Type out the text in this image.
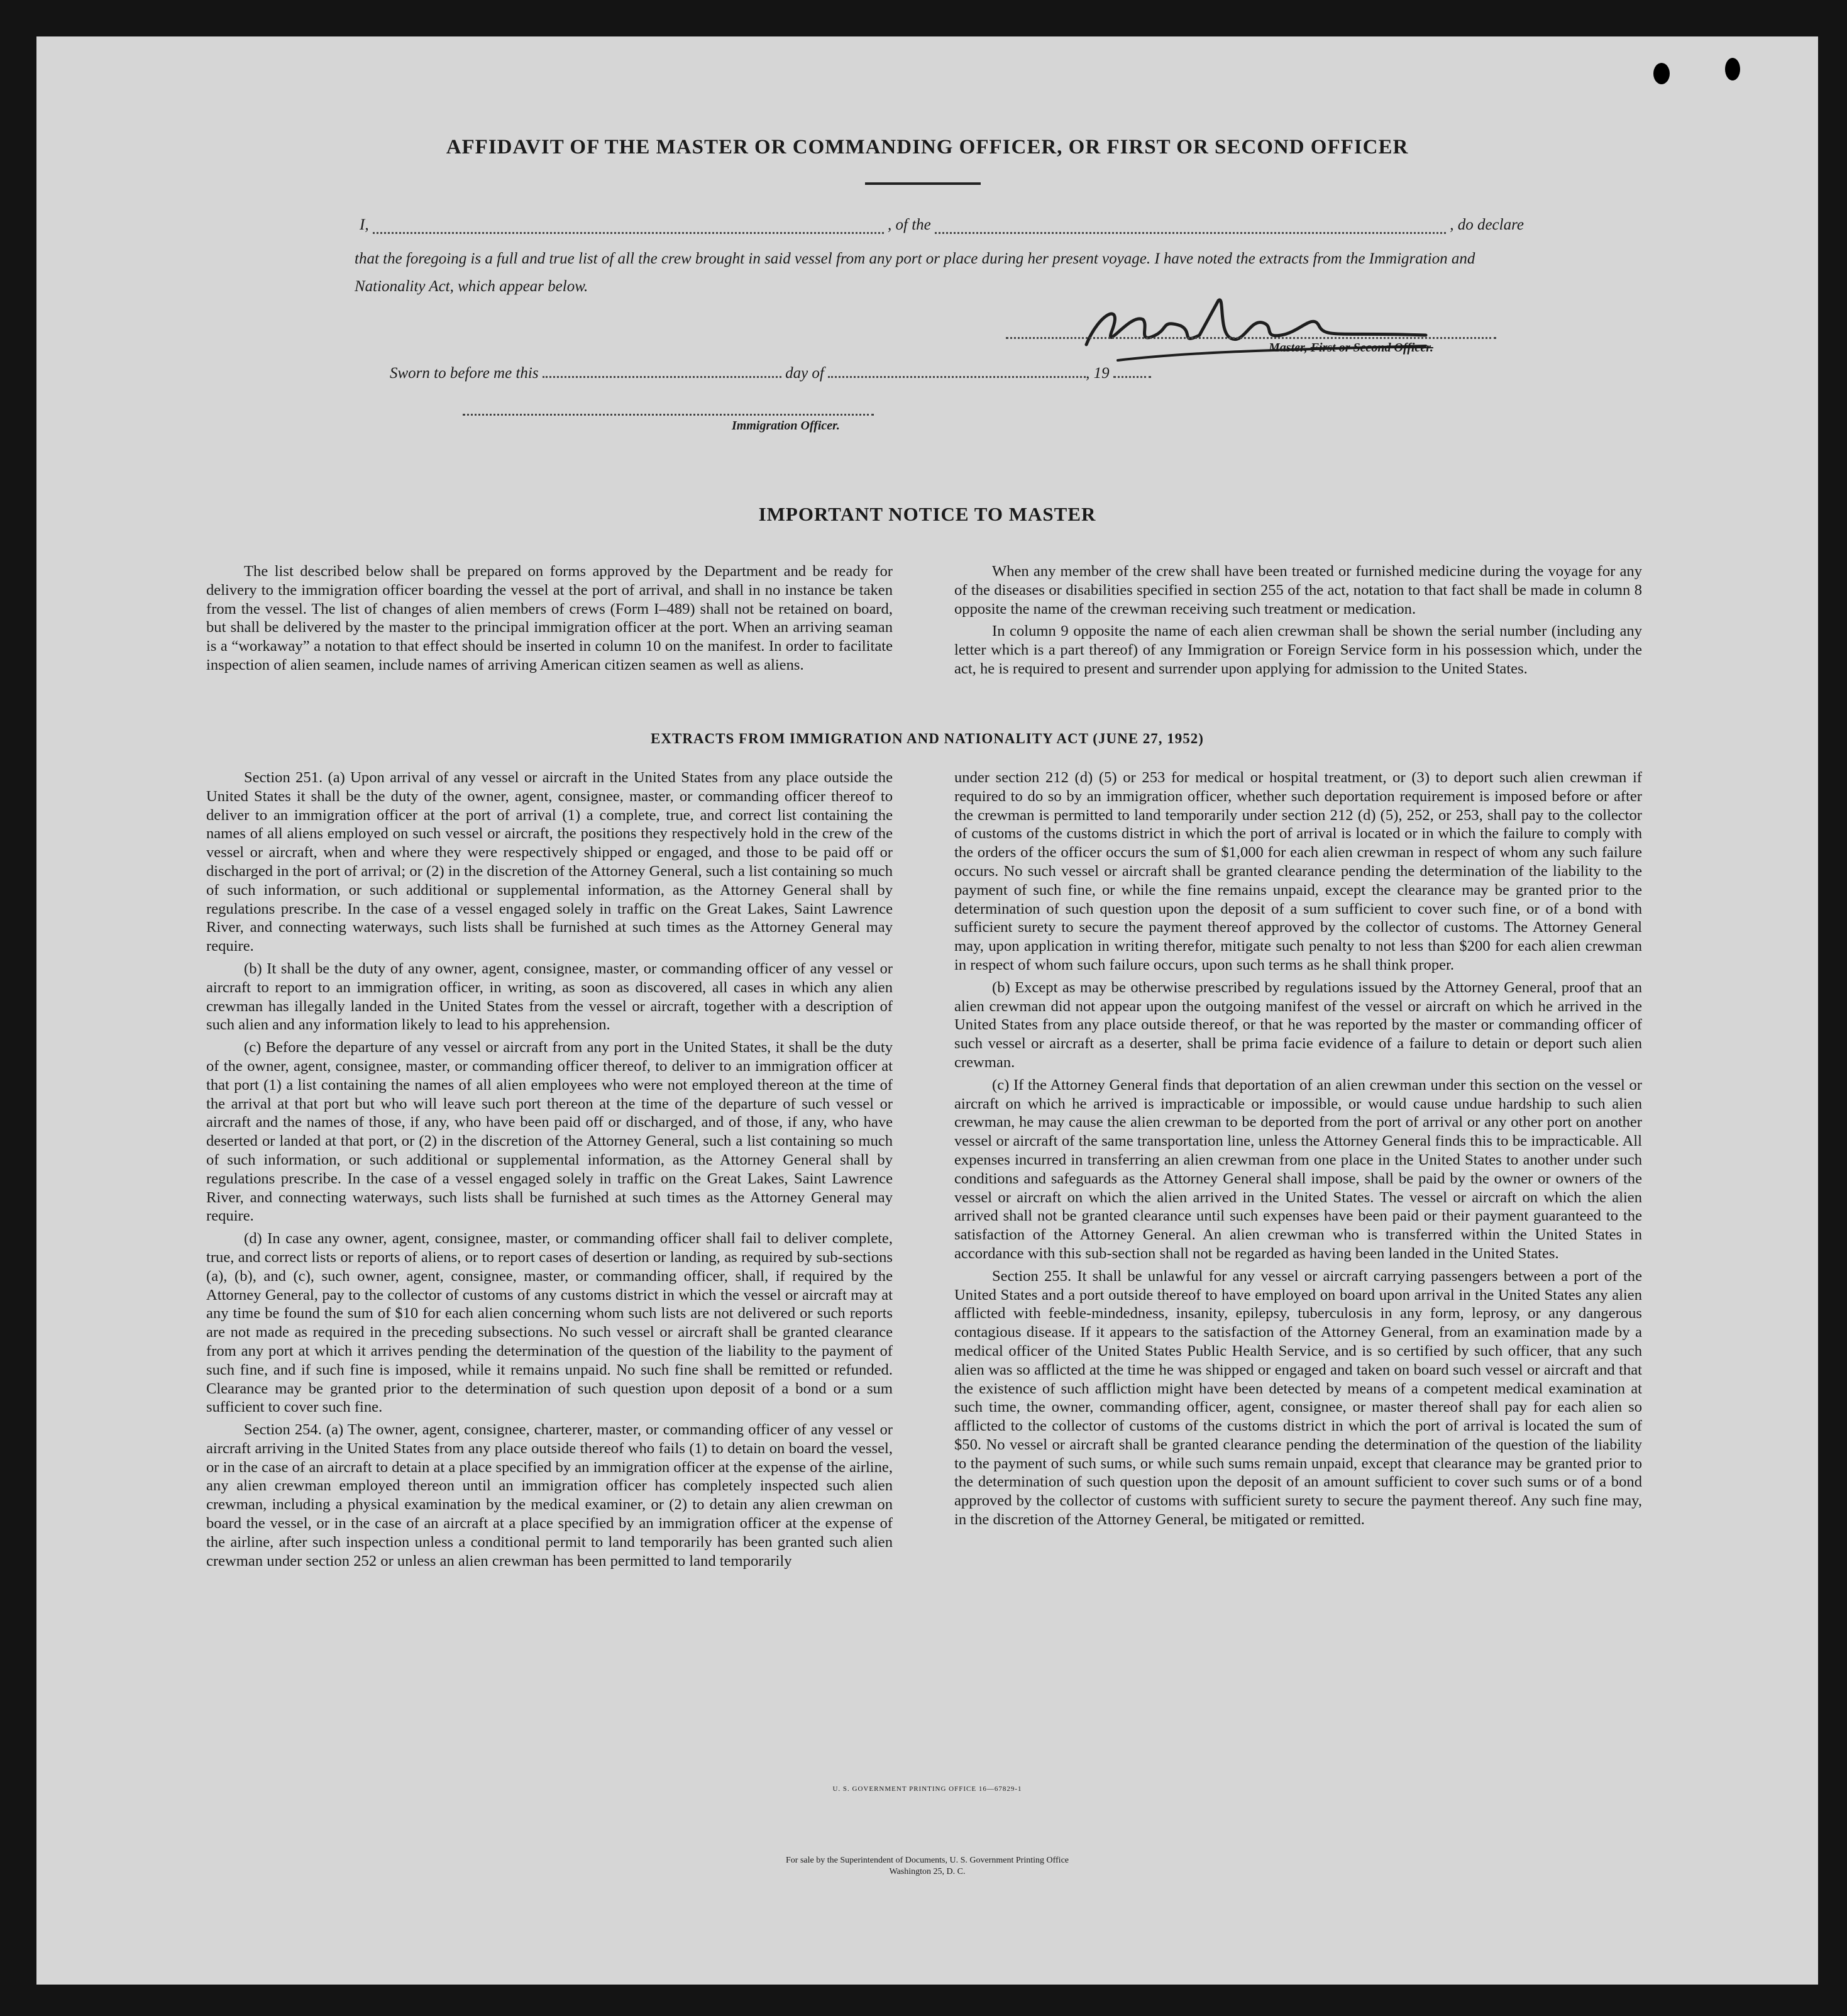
AFFIDAVIT OF THE MASTER OR COMMANDING OFFICER, OR FIRST OR SECOND OFFICER
I,	, of the	, do declare
that the foregoing is a full and true list of all the crew brought in said vessel from any port or place during her present voyage. I have noted the extracts from the Immigration and Nationality Act, which appear below.
Master, First or Second Officer.
Sworn to before me this	day of	, 19
Immigration Officer.
IMPORTANT NOTICE TO MASTER

The list described below shall be prepared on forms approved by the Department and be ready for delivery to the immigration officer boarding the vessel at the port of arrival, and shall in no instance be taken from the vessel. The list of changes of alien members of crews (Form I–489) shall not be retained on board, but shall be delivered by the master to the principal immigration officer at the port. When an arriving seaman is a “workaway” a notation to that effect should be inserted in column 10 on the manifest. In order to facilitate inspection of alien seamen, include names of arriving American citizen seamen as well as aliens.

When any member of the crew shall have been treated or furnished medicine during the voyage for any of the diseases or disabilities specified in section 255 of the act, notation to that fact shall be made in column 8 opposite the name of the crewman receiving such treatment or medication.

In column 9 opposite the name of each alien crewman shall be shown the serial number (including any letter which is a part thereof) of any Immigration or Foreign Service form in his possession which, under the act, he is required to present and surrender upon applying for admission to the United States.

EXTRACTS FROM IMMIGRATION AND NATIONALITY ACT (JUNE 27, 1952)

Section 251. (a) Upon arrival of any vessel or aircraft in the United States from any place outside the United States it shall be the duty of the owner, agent, consignee, master, or commanding officer thereof to deliver to an immigration officer at the port of arrival (1) a complete, true, and correct list containing the names of all aliens employed on such vessel or aircraft, the positions they respectively hold in the crew of the vessel or aircraft, when and where they were respectively shipped or engaged, and those to be paid off or discharged in the port of arrival; or (2) in the discretion of the Attorney General, such a list containing so much of such information, or such additional or supplemental information, as the Attorney General shall by regulations prescribe. In the case of a vessel engaged solely in traffic on the Great Lakes, Saint Lawrence River, and connecting waterways, such lists shall be furnished at such times as the Attorney General may require.

(b) It shall be the duty of any owner, agent, consignee, master, or commanding officer of any vessel or aircraft to report to an immigration officer, in writing, as soon as discovered, all cases in which any alien crewman has illegally landed in the United States from the vessel or aircraft, together with a description of such alien and any information likely to lead to his apprehension.

(c) Before the departure of any vessel or aircraft from any port in the United States, it shall be the duty of the owner, agent, consignee, master, or commanding officer thereof, to deliver to an immigration officer at that port (1) a list containing the names of all alien employees who were not employed thereon at the time of the arrival at that port but who will leave such port thereon at the time of the departure of such vessel or aircraft and the names of those, if any, who have been paid off or discharged, and of those, if any, who have deserted or landed at that port, or (2) in the discretion of the Attorney General, such a list containing so much of such information, or such additional or supplemental information, as the Attorney General shall by regulations prescribe. In the case of a vessel engaged solely in traffic on the Great Lakes, Saint Lawrence River, and connecting waterways, such lists shall be furnished at such times as the Attorney General may require.

(d) In case any owner, agent, consignee, master, or commanding officer shall fail to deliver complete, true, and correct lists or reports of aliens, or to report cases of desertion or landing, as required by sub-sections (a), (b), and (c), such owner, agent, consignee, master, or commanding officer, shall, if required by the Attorney General, pay to the collector of customs of any customs district in which the vessel or aircraft may at any time be found the sum of $10 for each alien concerning whom such lists are not delivered or such reports are not made as required in the preceding subsections. No such vessel or aircraft shall be granted clearance from any port at which it arrives pending the determination of the question of the liability to the payment of such fine, and if such fine is imposed, while it remains unpaid. No such fine shall be remitted or refunded. Clearance may be granted prior to the determination of such question upon deposit of a bond or a sum sufficient to cover such fine.

Section 254. (a) The owner, agent, consignee, charterer, master, or commanding officer of any vessel or aircraft arriving in the United States from any place outside thereof who fails (1) to detain on board the vessel, or in the case of an aircraft to detain at a place specified by an immigration officer at the expense of the airline, any alien crewman employed thereon until an immigration officer has completely inspected such alien crewman, including a physical examination by the medical examiner, or (2) to detain any alien crewman on board the vessel, or in the case of an aircraft at a place specified by an immigration officer at the expense of the airline, after such inspection unless a conditional permit to land temporarily has been granted such alien crewman under section 252 or unless an alien crewman has been permitted to land temporarily

under section 212 (d) (5) or 253 for medical or hospital treatment, or (3) to deport such alien crewman if required to do so by an immigration officer, whether such deportation requirement is imposed before or after the crewman is permitted to land temporarily under section 212 (d) (5), 252, or 253, shall pay to the collector of customs of the customs district in which the port of arrival is located or in which the failure to comply with the orders of the officer occurs the sum of $1,000 for each alien crewman in respect of whom any such failure occurs. No such vessel or aircraft shall be granted clearance pending the determination of the liability to the payment of such fine, or while the fine remains unpaid, except the clearance may be granted prior to the determination of such question upon the deposit of a sum sufficient to cover such fine, or of a bond with sufficient surety to secure the payment thereof approved by the collector of customs. The Attorney General may, upon application in writing therefor, mitigate such penalty to not less than $200 for each alien crewman in respect of whom such failure occurs, upon such terms as he shall think proper.

(b) Except as may be otherwise prescribed by regulations issued by the Attorney General, proof that an alien crewman did not appear upon the outgoing manifest of the vessel or aircraft on which he arrived in the United States from any place outside thereof, or that he was reported by the master or commanding officer of such vessel or aircraft as a deserter, shall be prima facie evidence of a failure to detain or deport such alien crewman.

(c) If the Attorney General finds that deportation of an alien crewman under this section on the vessel or aircraft on which he arrived is impracticable or impossible, or would cause undue hardship to such alien crewman, he may cause the alien crewman to be deported from the port of arrival or any other port on another vessel or aircraft of the same transportation line, unless the Attorney General finds this to be impracticable. All expenses incurred in transferring an alien crewman from one place in the United States to another under such conditions and safeguards as the Attorney General shall impose, shall be paid by the owner or owners of the vessel or aircraft on which the alien arrived in the United States. The vessel or aircraft on which the alien arrived shall not be granted clearance until such expenses have been paid or their payment guaranteed to the satisfaction of the Attorney General. An alien crewman who is transferred within the United States in accordance with this sub-section shall not be regarded as having been landed in the United States.

Section 255. It shall be unlawful for any vessel or aircraft carrying passengers between a port of the United States and a port outside thereof to have employed on board upon arrival in the United States any alien afflicted with feeble-mindedness, insanity, epilepsy, tuberculosis in any form, leprosy, or any dangerous contagious disease. If it appears to the satisfaction of the Attorney General, from an examination made by a medical officer of the United States Public Health Service, and is so certified by such officer, that any such alien was so afflicted at the time he was shipped or engaged and taken on board such vessel or aircraft and that the existence of such affliction might have been detected by means of a competent medical examination at such time, the owner, commanding officer, agent, consignee, or master thereof shall pay for each alien so afflicted to the collector of customs of the customs district in which the port of arrival is located the sum of $50. No vessel or aircraft shall be granted clearance pending the determination of the question of the liability to the payment of such sums, or while such sums remain unpaid, except that clearance may be granted prior to the determination of such question upon the deposit of an amount sufficient to cover such sums or of a bond approved by the collector of customs with sufficient surety to secure the payment thereof. Any such fine may, in the discretion of the Attorney General, be mitigated or remitted.

U. S. GOVERNMENT PRINTING OFFICE 16—67829-1
For sale by the Superintendent of Documents, U. S. Government Printing Office
Washington 25, D. C.
